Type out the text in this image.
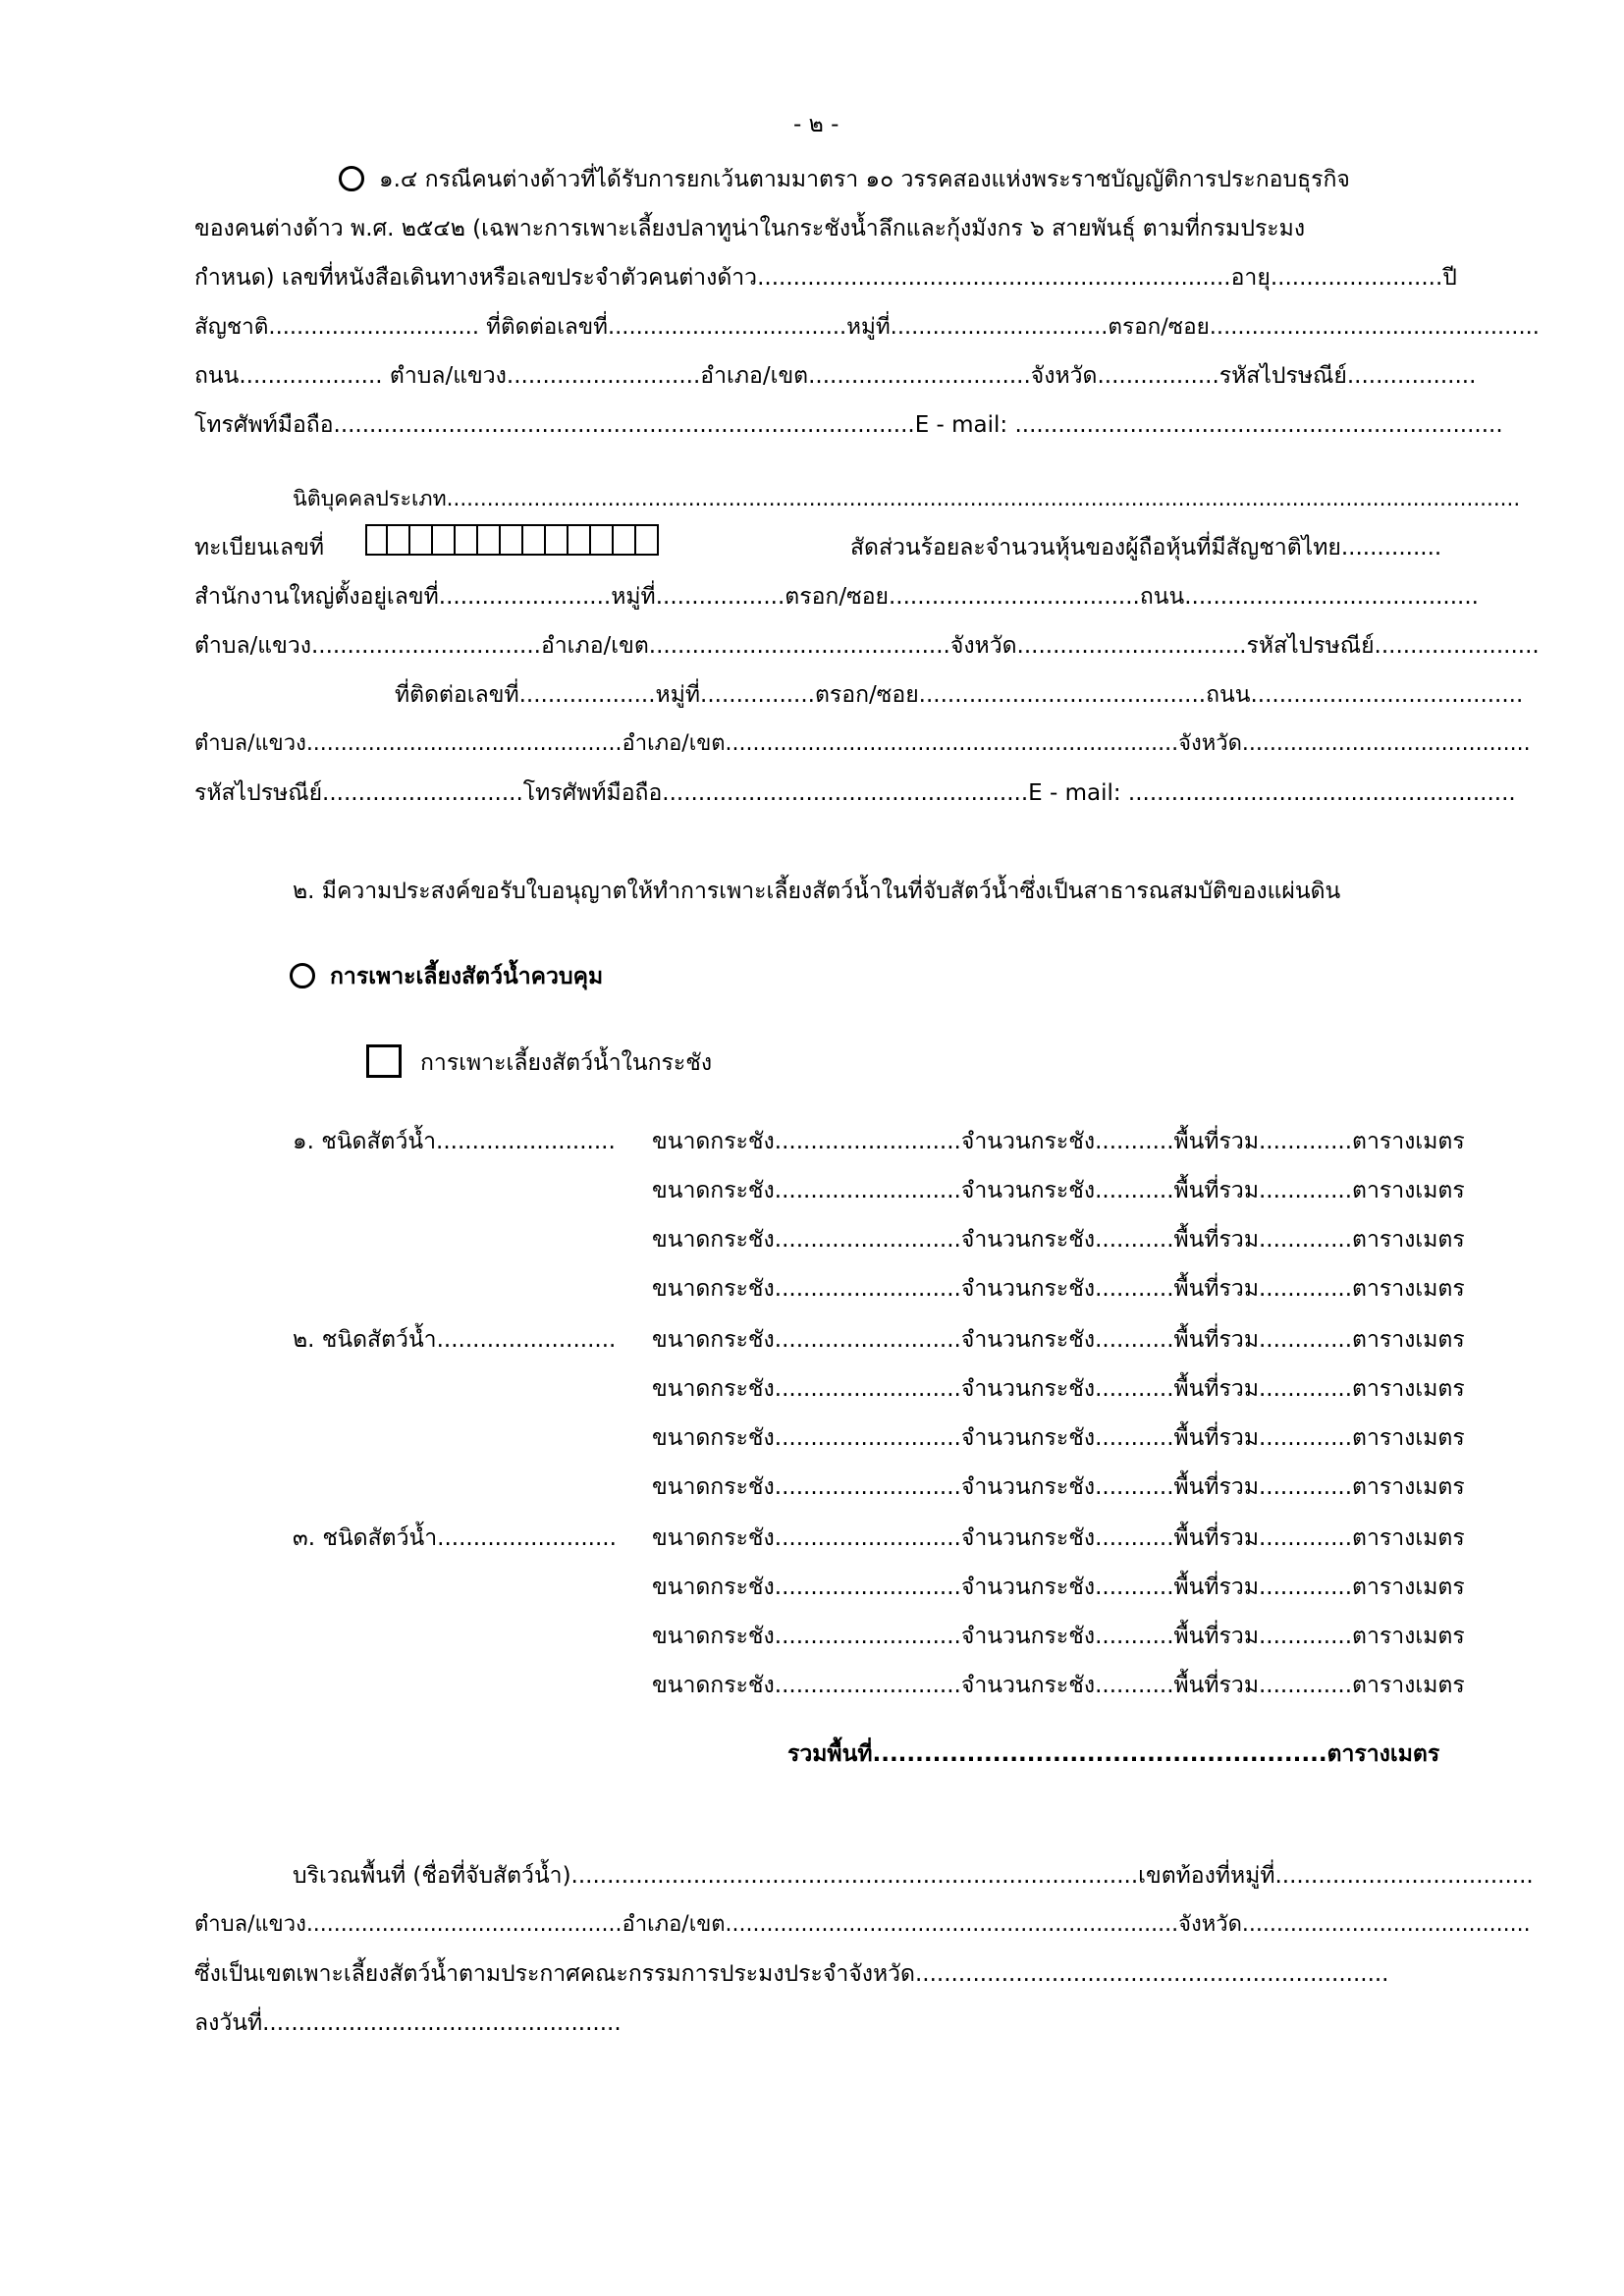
- ๒ -
๑.๔ กรณีคนต่างด้าวที่ได้รับการยกเว้นตามมาตรา ๑๐ วรรคสองแห่งพระราชบัญญัติการประกอบธุรกิจ
ของคนต่างด้าว พ.ศ. ๒๕๔๒ (เฉพาะการเพาะเลี้ยงปลาทูน่าในกระชังน้ำลึกและกุ้งมังกร ๖ สายพันธุ์ ตามที่กรมประมง
กำหนด) เลขที่หนังสือเดินทางหรือเลขประจำตัวคนต่างด้าว..................................................................อายุ........................ปี
สัญชาติ.............................. ที่ติดต่อเลขที่..................................หมู่ที่...............................ตรอก/ซอย...............................................
ถนน.................... ตำบล/แขวง...........................อำเภอ/เขต...............................จังหวัด.................รหัสไปรษณีย์..................
โทรศัพท์มือถือ.................................................................................E - mail: ....................................................................
นิติบุคคลประเภท................................................................................................................................................................
ทะเบียนเลขที่	สัดส่วนร้อยละจำนวนหุ้นของผู้ถือหุ้นที่มีสัญชาติไทย..............
สำนักงานใหญ่ตั้งอยู่เลขที่........................หมู่ที่..................ตรอก/ซอย...................................ถนน.........................................
ตำบล/แขวง................................อำเภอ/เขต..........................................จังหวัด................................รหัสไปรษณีย์.......................
ที่ติดต่อเลขที่...................หมู่ที่................ตรอก/ซอย........................................ถนน......................................
ตำบล/แขวง..............................................อำเภอ/เขต..................................................................จังหวัด..........................................
รหัสไปรษณีย์............................โทรศัพท์มือถือ...................................................E - mail: ......................................................
๒. มีความประสงค์ขอรับใบอนุญาตให้ทำการเพาะเลี้ยงสัตว์น้ำในที่จับสัตว์น้ำซึ่งเป็นสาธารณสมบัติของแผ่นดิน
การเพาะเลี้ยงสัตว์น้ำควบคุม
การเพาะเลี้ยงสัตว์น้ำในกระชัง
๑. ชนิดสัตว์น้ำ......................... ขนาดกระชัง..........................จำนวนกระชัง...........พื้นที่รวม.............ตารางเมตร
ขนาดกระชัง..........................จำนวนกระชัง...........พื้นที่รวม.............ตารางเมตร
ขนาดกระชัง..........................จำนวนกระชัง...........พื้นที่รวม.............ตารางเมตร
ขนาดกระชัง..........................จำนวนกระชัง...........พื้นที่รวม.............ตารางเมตร
๒. ชนิดสัตว์น้ำ......................... ขนาดกระชัง..........................จำนวนกระชัง...........พื้นที่รวม.............ตารางเมตร
ขนาดกระชัง..........................จำนวนกระชัง...........พื้นที่รวม.............ตารางเมตร
ขนาดกระชัง..........................จำนวนกระชัง...........พื้นที่รวม.............ตารางเมตร
ขนาดกระชัง..........................จำนวนกระชัง...........พื้นที่รวม.............ตารางเมตร
๓. ชนิดสัตว์น้ำ......................... ขนาดกระชัง..........................จำนวนกระชัง...........พื้นที่รวม.............ตารางเมตร
ขนาดกระชัง..........................จำนวนกระชัง...........พื้นที่รวม.............ตารางเมตร
ขนาดกระชัง..........................จำนวนกระชัง...........พื้นที่รวม.............ตารางเมตร
ขนาดกระชัง..........................จำนวนกระชัง...........พื้นที่รวม.............ตารางเมตร
รวมพื้นที่.....................................................ตารางเมตร
บริเวณพื้นที่ (ชื่อที่จับสัตว์น้ำ)...............................................................................เขตท้องที่หมู่ที่....................................
ตำบล/แขวง..............................................อำเภอ/เขต..................................................................จังหวัด..........................................
ซึ่งเป็นเขตเพาะเลี้ยงสัตว์น้ำตามประกาศคณะกรรมการประมงประจำจังหวัด..................................................................
ลงวันที่..................................................
